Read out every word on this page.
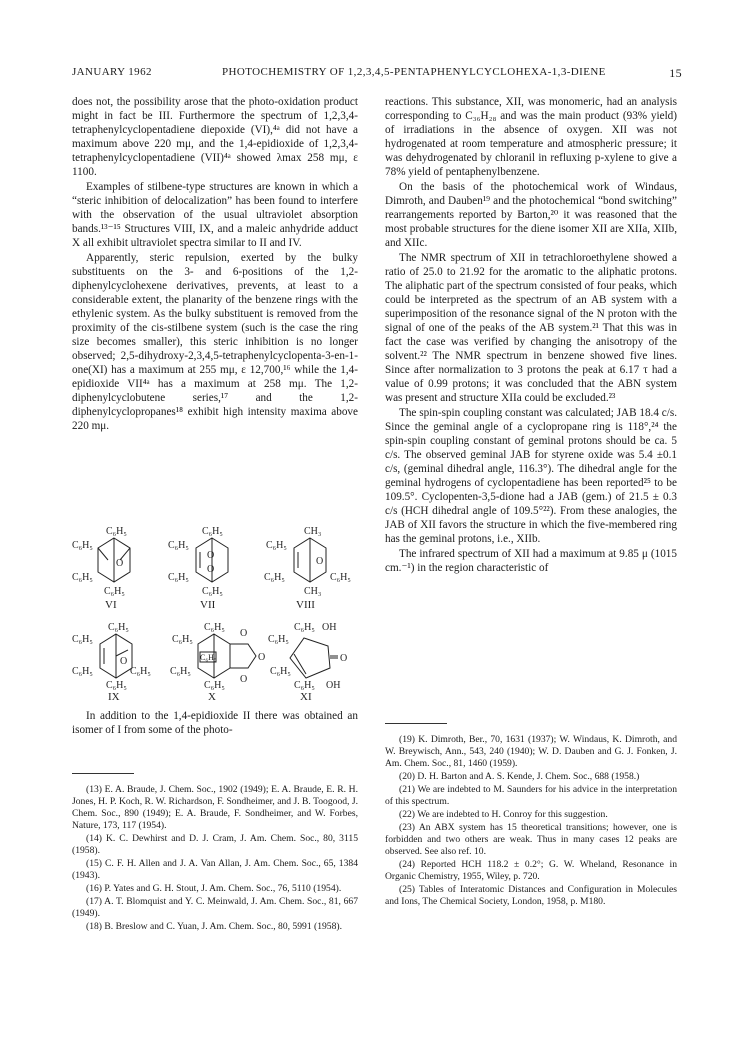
JANUARY 1962	PHOTOCHEMISTRY OF 1,2,3,4,5-PENTAPHENYLCYCLOHEXA-1,3-DIENE	15

does not, the possibility arose that the photo-oxidation product might in fact be III. Furthermore the spectrum of 1,2,3,4-tetraphenylcyclopentadiene diepoxide (VI),⁴ᵃ did not have a maximum above 220 mμ, and the 1,4-epidioxide of 1,2,3,4-tetraphenylcyclopentadiene (VII)⁴ᵃ showed λmax 258 mμ, ε 1100.

Examples of stilbene-type structures are known in which a “steric inhibition of delocalization” has been found to interfere with the observation of the usual ultraviolet absorption bands.¹³⁻¹⁵ Structures VIII, IX, and a maleic anhydride adduct X all exhibit ultraviolet spectra similar to II and IV.

Apparently, steric repulsion, exerted by the bulky substituents on the 3- and 6-positions of the 1,2-diphenylcyclohexene derivatives, prevents, at least to a considerable extent, the planarity of the benzene rings with the ethylenic system. As the bulky substituent is removed from the proximity of the cis-stilbene system (such is the case the ring size becomes smaller), this steric inhibition is no longer observed; 2,5-dihydroxy-2,3,4,5-tetraphenylcyclopenta-3-en-1-one(XI) has a maximum at 255 mμ, ε 12,700,¹⁶ while the 1,4-epidioxide VII⁴ᵃ has a maximum at 258 mμ. The 1,2-diphenylcyclobutene series,¹⁷ and the 1,2-diphenylcyclopropanes¹⁸ exhibit high intensity maxima above 220 mμ.

O
C₆H₅
C₆H₅
C₆H₅
C₆H₅
VI
O
O
C₆H₅
C₆H₅
C₆H₅
C₆H₅
VII
O
CH₃
C₆H₅
C₆H₅	C₆H₅
CH₃
VIII
O
C₆H₅
C₆H₅
C₆H₅	C₆H₅
C₆H₅
IX
O
O
O
C₆H₅
C₆H₅
C₆H₅
C₆H₅
C₆H₅
X
O
C₆H₅ OH
C₆H₅
C₆H₅
C₆H₅ OH
XI

In addition to the 1,4-epidioxide II there was obtained an isomer of I from some of the photo-

reactions. This substance, XII, was monomeric, had an analysis corresponding to C₃₆H₂₈ and was the main product (93% yield) of irradiations in the absence of oxygen. XII was not hydrogenated at room temperature and atmospheric pressure; it was dehydrogenated by chloranil in refluxing p-xylene to give a 78% yield of pentaphenylbenzene.

On the basis of the photochemical work of Windaus, Dimroth, and Dauben¹⁹ and the photochemical “bond switching” rearrangements reported by Barton,²⁰ it was reasoned that the most probable structures for the diene isomer XII are XIIa, XIIb, and XIIc.

The NMR spectrum of XII in tetrachloroethylene showed a ratio of 25.0 to 21.92 for the aromatic to the aliphatic protons. The aliphatic part of the spectrum consisted of four peaks, which could be interpreted as the spectrum of an AB system with a superimposition of the resonance signal of the N proton with the signal of one of the peaks of the AB system.²¹ That this was in fact the case was verified by changing the anisotropy of the solvent.²² The NMR spectrum in benzene showed five lines. Since after normalization to 3 protons the peak at 6.17 τ had a value of 0.99 protons; it was concluded that the ABN system was present and structure XIIa could be excluded.²³

The spin-spin coupling constant was calculated; JAB 18.4 c/s. Since the geminal angle of a cyclopropane ring is 118°,²⁴ the spin-spin coupling constant of geminal protons should be ca. 5 c/s. The observed geminal JAB for styrene oxide was 5.4 ±0.1 c/s, (geminal dihedral angle, 116.3°). The dihedral angle for the geminal hydrogens of cyclopentadiene has been reported²⁵ to be 109.5°. Cyclopenten-3,5-dione had a JAB (gem.) of 21.5 ± 0.3 c/s (HCH dihedral angle of 109.5°²²). From these analogies, the JAB of XII favors the structure in which the five-membered ring has the geminal protons, i.e., XIIb.

The infrared spectrum of XII had a maximum at 9.85 μ (1015 cm.⁻¹) in the region characteristic of

(13) E. A. Braude, J. Chem. Soc., 1902 (1949); E. A. Braude, E. R. H. Jones, H. P. Koch, R. W. Richardson, F. Sondheimer, and J. B. Toogood, J. Chem. Soc., 890 (1949); E. A. Braude, F. Sondheimer, and W. Forbes, Nature, 173, 117 (1954).

(14) K. C. Dewhirst and D. J. Cram, J. Am. Chem. Soc., 80, 3115 (1958).

(15) C. F. H. Allen and J. A. Van Allan, J. Am. Chem. Soc., 65, 1384 (1943).

(16) P. Yates and G. H. Stout, J. Am. Chem. Soc., 76, 5110 (1954).

(17) A. T. Blomquist and Y. C. Meinwald, J. Am. Chem. Soc., 81, 667 (1949).

(18) B. Breslow and C. Yuan, J. Am. Chem. Soc., 80, 5991 (1958).

(19) K. Dimroth, Ber., 70, 1631 (1937); W. Windaus, K. Dimroth, and W. Breywisch, Ann., 543, 240 (1940); W. D. Dauben and G. J. Fonken, J. Am. Chem. Soc., 81, 1460 (1959).

(20) D. H. Barton and A. S. Kende, J. Chem. Soc., 688 (1958.)

(21) We are indebted to M. Saunders for his advice in the interpretation of this spectrum.

(22) We are indebted to H. Conroy for this suggestion.

(23) An ABX system has 15 theoretical transitions; however, one is forbidden and two others are weak. Thus in many cases 12 peaks are observed. See also ref. 10.

(24) Reported HCH 118.2 ± 0.2°; G. W. Wheland, Resonance in Organic Chemistry, 1955, Wiley, p. 720.

(25) Tables of Interatomic Distances and Configuration in Molecules and Ions, The Chemical Society, London, 1958, p. M180.
